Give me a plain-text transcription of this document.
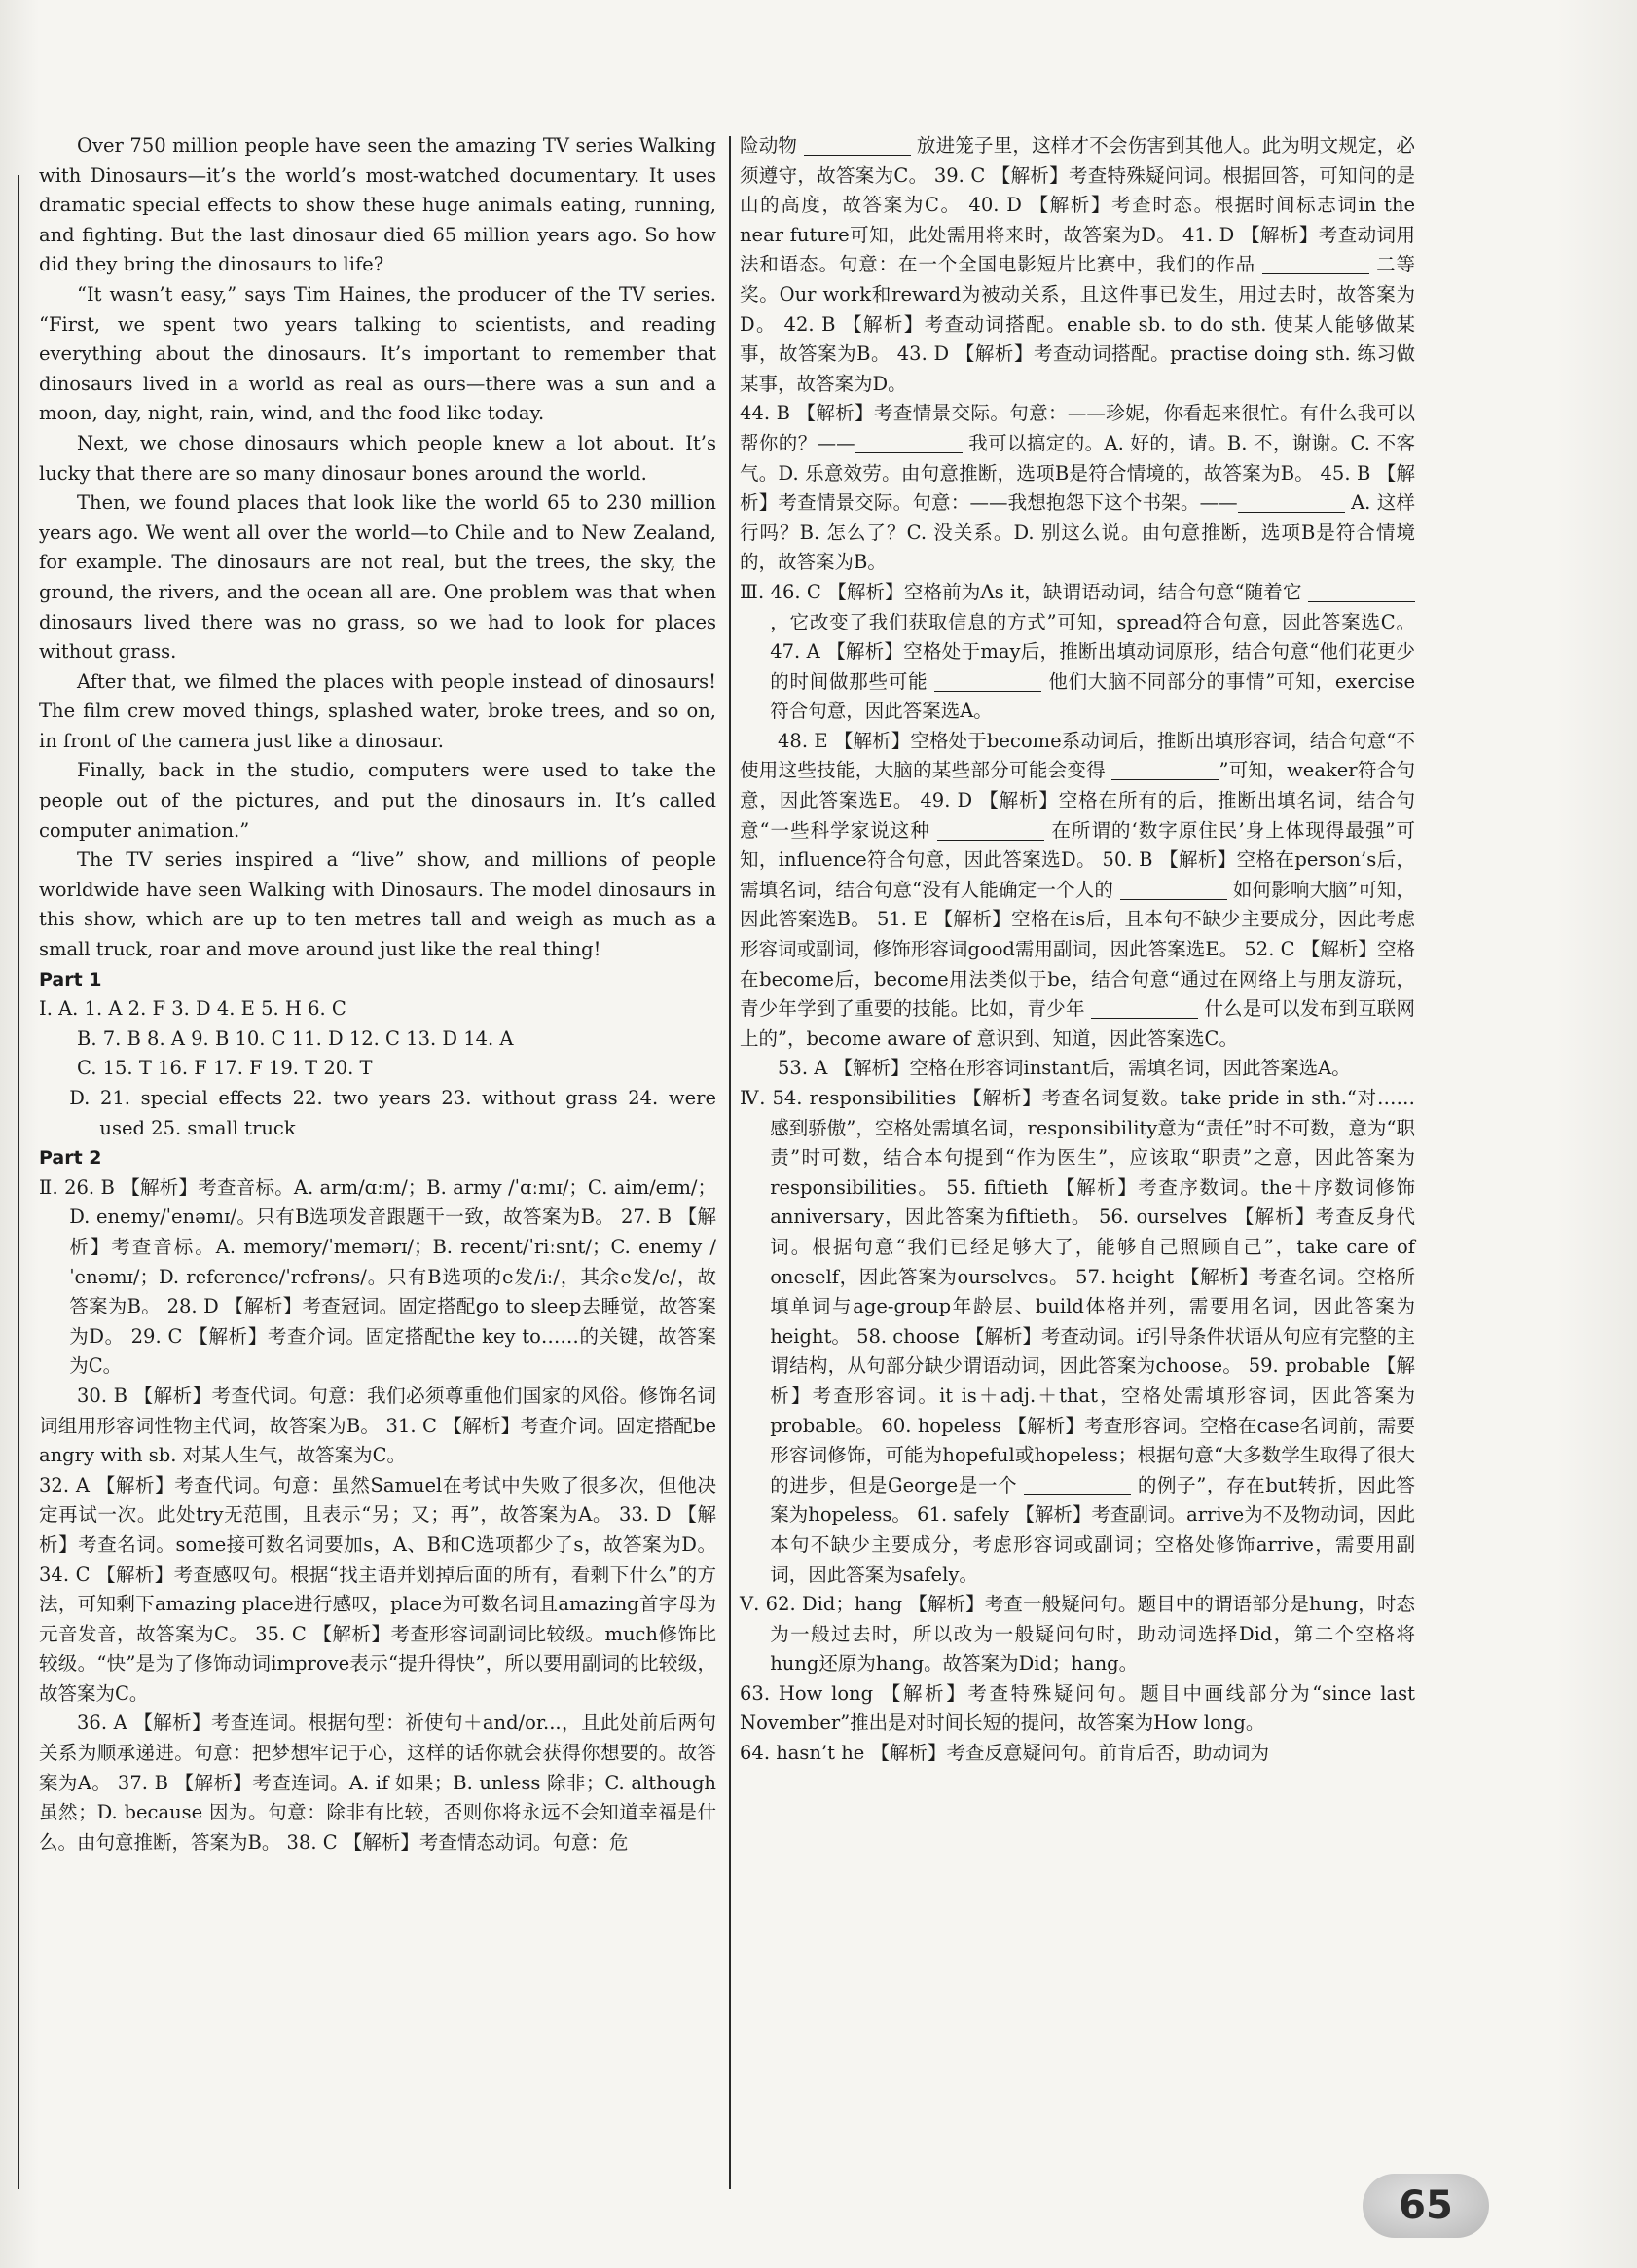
Over 750 million people have seen the amazing TV series Walking with Dinosaurs—it’s the world’s most-watched documentary. It uses dramatic special effects to show these huge animals eating, running, and fighting. But the last dinosaur died 65 million years ago. So how did they bring the dinosaurs to life?

“It wasn’t easy,” says Tim Haines, the producer of the TV series. “First, we spent two years talking to scientists, and reading everything about the dinosaurs. It’s important to remember that dinosaurs lived in a world as real as ours—there was a sun and a moon, day, night, rain, wind, and the food like today.

Next, we chose dinosaurs which people knew a lot about. It’s lucky that there are so many dinosaur bones around the world.

Then, we found places that look like the world 65 to 230 million years ago. We went all over the world—to Chile and to New Zealand, for example. The dinosaurs are not real, but the trees, the sky, the ground, the rivers, and the ocean all are. One problem was that when dinosaurs lived there was no grass, so we had to look for places without grass.

After that, we filmed the places with people instead of dinosaurs! The film crew moved things, splashed water, broke trees, and so on, in front of the camera just like a dinosaur.

Finally, back in the studio, computers were used to take the people out of the pictures, and put the dinosaurs in. It’s called computer animation.”

The TV series inspired a “live” show, and millions of people worldwide have seen Walking with Dinosaurs. The model dinosaurs in this show, which are up to ten metres tall and weigh as much as a small truck, roar and move around just like the real thing!

Part 1

Ⅰ. A. 1. A 2. F 3. D 4. E 5. H 6. C

B. 7. B 8. A 9. B 10. C 11. D 12. C 13. D 14. A

C. 15. T 16. F 17. F 19. T 20. T

D. 21. special effects 22. two years 23. without grass 24. were used 25. small truck

Part 2

Ⅱ. 26. B 【解析】考查音标。A. arm/ɑːm/；B. army /ˈɑːmɪ/；C. aim/eɪm/；D. enemy/ˈenəmɪ/。只有B选项发音跟题干一致，故答案为B。 27. B 【解析】考查音标。A. memory/ˈmemərɪ/；B. recent/ˈriːsnt/；C. enemy /ˈenəmɪ/；D. reference/ˈrefrəns/。只有B选项的e发/iː/，其余e发/e/，故答案为B。 28. D 【解析】考查冠词。固定搭配go to sleep去睡觉，故答案为D。 29. C 【解析】考查介词。固定搭配the key to……的关键，故答案为C。

30. B 【解析】考查代词。句意：我们必须尊重他们国家的风俗。修饰名词词组用形容词性物主代词，故答案为B。 31. C 【解析】考查介词。固定搭配be angry with sb. 对某人生气，故答案为C。

32. A 【解析】考查代词。句意：虽然Samuel在考试中失败了很多次，但他决定再试一次。此处try无范围，且表示“另；又；再”，故答案为A。 33. D 【解析】考查名词。some接可数名词要加s，A、B和C选项都少了s，故答案为D。 34. C 【解析】考查感叹句。根据“找主语并划掉后面的所有，看剩下什么”的方法，可知剩下amazing place进行感叹，place为可数名词且amazing首字母为元音发音，故答案为C。 35. C 【解析】考查形容词副词比较级。much修饰比较级。“快”是为了修饰动词improve表示“提升得快”，所以要用副词的比较级，故答案为C。

36. A 【解析】考查连词。根据句型：祈使句＋and/or...，且此处前后两句关系为顺承递进。句意：把梦想牢记于心，这样的话你就会获得你想要的。故答案为A。 37. B 【解析】考查连词。A. if 如果；B. unless 除非；C. although 虽然；D. because 因为。句意：除非有比较，否则你将永远不会知道幸福是什么。由句意推断，答案为B。 38. C 【解析】考查情态动词。句意：危

险动物	放进笼子里，这样才不会伤害到其他人。此为明文规定，必须遵守，故答案为C。 39. C 【解析】考查特殊疑问词。根据回答，可知问的是山的高度，故答案为C。 40. D 【解析】考查时态。根据时间标志词in the near future可知，此处需用将来时，故答案为D。 41. D 【解析】考查动词用法和语态。句意：在一个全国电影短片比赛中，我们的作品	二等奖。Our work和reward为被动关系，且这件事已发生，用过去时，故答案为D。 42. B 【解析】考查动词搭配。enable sb. to do sth. 使某人能够做某事，故答案为B。 43. D 【解析】考查动词搭配。practise doing sth. 练习做某事，故答案为D。

44. B 【解析】考查情景交际。句意：——珍妮，你看起来很忙。有什么我可以帮你的？——	我可以搞定的。A. 好的，请。B. 不，谢谢。C. 不客气。D. 乐意效劳。由句意推断，选项B是符合情境的，故答案为B。 45. B 【解析】考查情景交际。句意：——我想抱怨下这个书架。——	A. 这样行吗？B. 怎么了？C. 没关系。D. 别这么说。由句意推断，选项B是符合情境的，故答案为B。

Ⅲ. 46. C 【解析】空格前为As it，缺谓语动词，结合句意“随着它 ，它改变了我们获取信息的方式”可知，spread符合句意，因此答案选C。 47. A 【解析】空格处于may后，推断出填动词原形，结合句意“他们花更少的时间做那些可能	他们大脑不同部分的事情”可知，exercise符合句意，因此答案选A。

48. E 【解析】空格处于become系动词后，推断出填形容词，结合句意“不使用这些技能，大脑的某些部分可能会变得	”可知，weaker符合句意，因此答案选E。 49. D 【解析】空格在所有的后，推断出填名词，结合句意“一些科学家说这种	在所谓的‘数字原住民’身上体现得最强”可知，influence符合句意，因此答案选D。 50. B 【解析】空格在person’s后，需填名词，结合句意“没有人能确定一个人的	如何影响大脑”可知，因此答案选B。 51. E 【解析】空格在is后，且本句不缺少主要成分，因此考虑形容词或副词，修饰形容词good需用副词，因此答案选E。 52. C 【解析】空格在become后，become用法类似于be，结合句意“通过在网络上与朋友游玩，青少年学到了重要的技能。比如，青少年	什么是可以发布到互联网上的”，become aware of 意识到、知道，因此答案选C。

53. A 【解析】空格在形容词instant后，需填名词，因此答案选A。

Ⅳ. 54. responsibilities 【解析】考查名词复数。take pride in sth.“对……感到骄傲”，空格处需填名词，responsibility意为“责任”时不可数，意为“职责”时可数，结合本句提到“作为医生”，应该取“职责”之意，因此答案为responsibilities。 55. fiftieth 【解析】考查序数词。the＋序数词修饰anniversary，因此答案为fiftieth。 56. ourselves 【解析】考查反身代词。根据句意“我们已经足够大了，能够自己照顾自己”，take care of oneself，因此答案为ourselves。 57. height 【解析】考查名词。空格所填单词与age-group年龄层、build体格并列，需要用名词，因此答案为height。 58. choose 【解析】考查动词。if引导条件状语从句应有完整的主谓结构，从句部分缺少谓语动词，因此答案为choose。 59. probable 【解析】考查形容词。it is＋adj.＋that，空格处需填形容词，因此答案为probable。 60. hopeless 【解析】考查形容词。空格在case名词前，需要形容词修饰，可能为hopeful或hopeless；根据句意“大多数学生取得了很大的进步，但是George是一个	的例子”，存在but转折，因此答案为hopeless。 61. safely 【解析】考查副词。arrive为不及物动词，因此本句不缺少主要成分，考虑形容词或副词；空格处修饰arrive，需要用副词，因此答案为safely。

Ⅴ. 62. Did；hang 【解析】考查一般疑问句。题目中的谓语部分是hung，时态为一般过去时，所以改为一般疑问句时，助动词选择Did，第二个空格将hung还原为hang。故答案为Did；hang。

63. How long 【解析】考查特殊疑问句。题目中画线部分为“since last November”推出是对时间长短的提问，故答案为How long。

64. hasn’t he 【解析】考查反意疑问句。前肯后否，助动词为

65
